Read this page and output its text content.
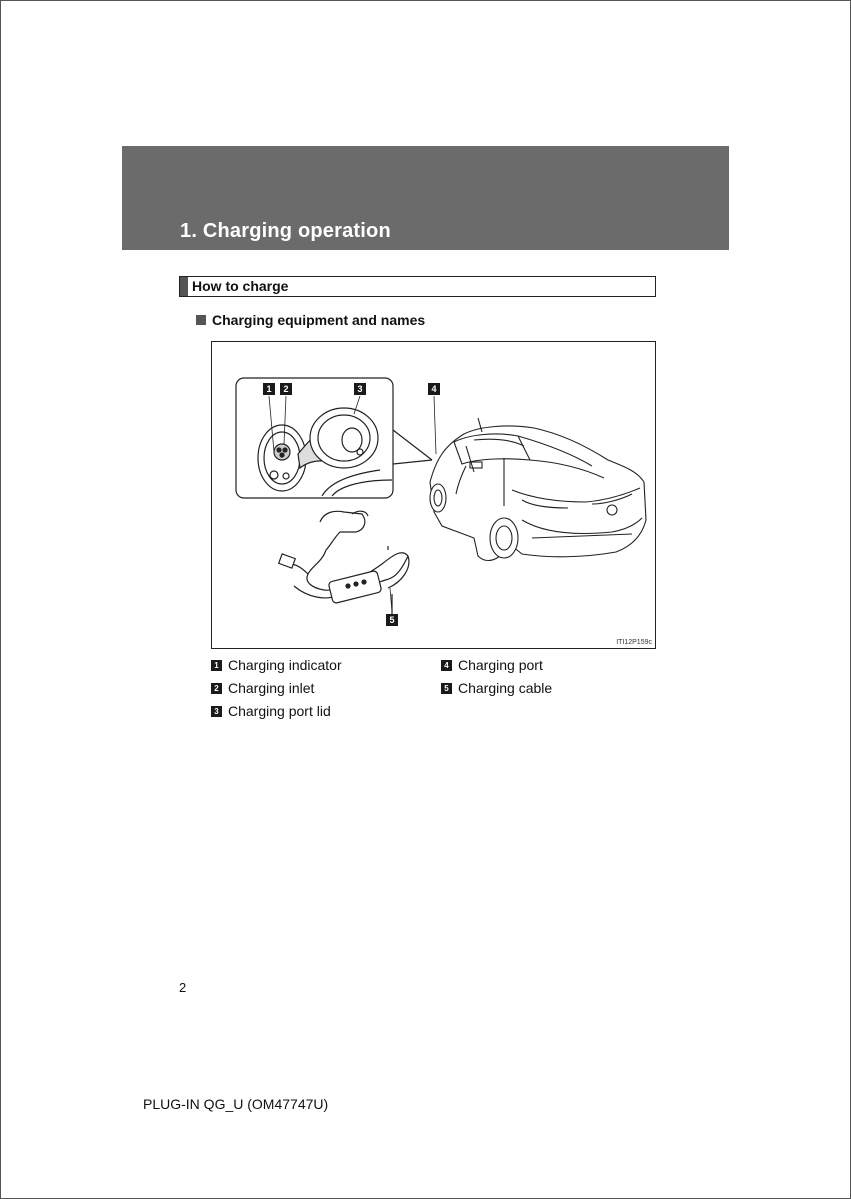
1. Charging operation
How to charge
Charging equipment and names
1	2	3	4
5
ITI12P159c
1 Charging indicator
2 Charging inlet
3 Charging port lid
4 Charging port
5 Charging cable
2
PLUG-IN QG_U (OM47747U)
